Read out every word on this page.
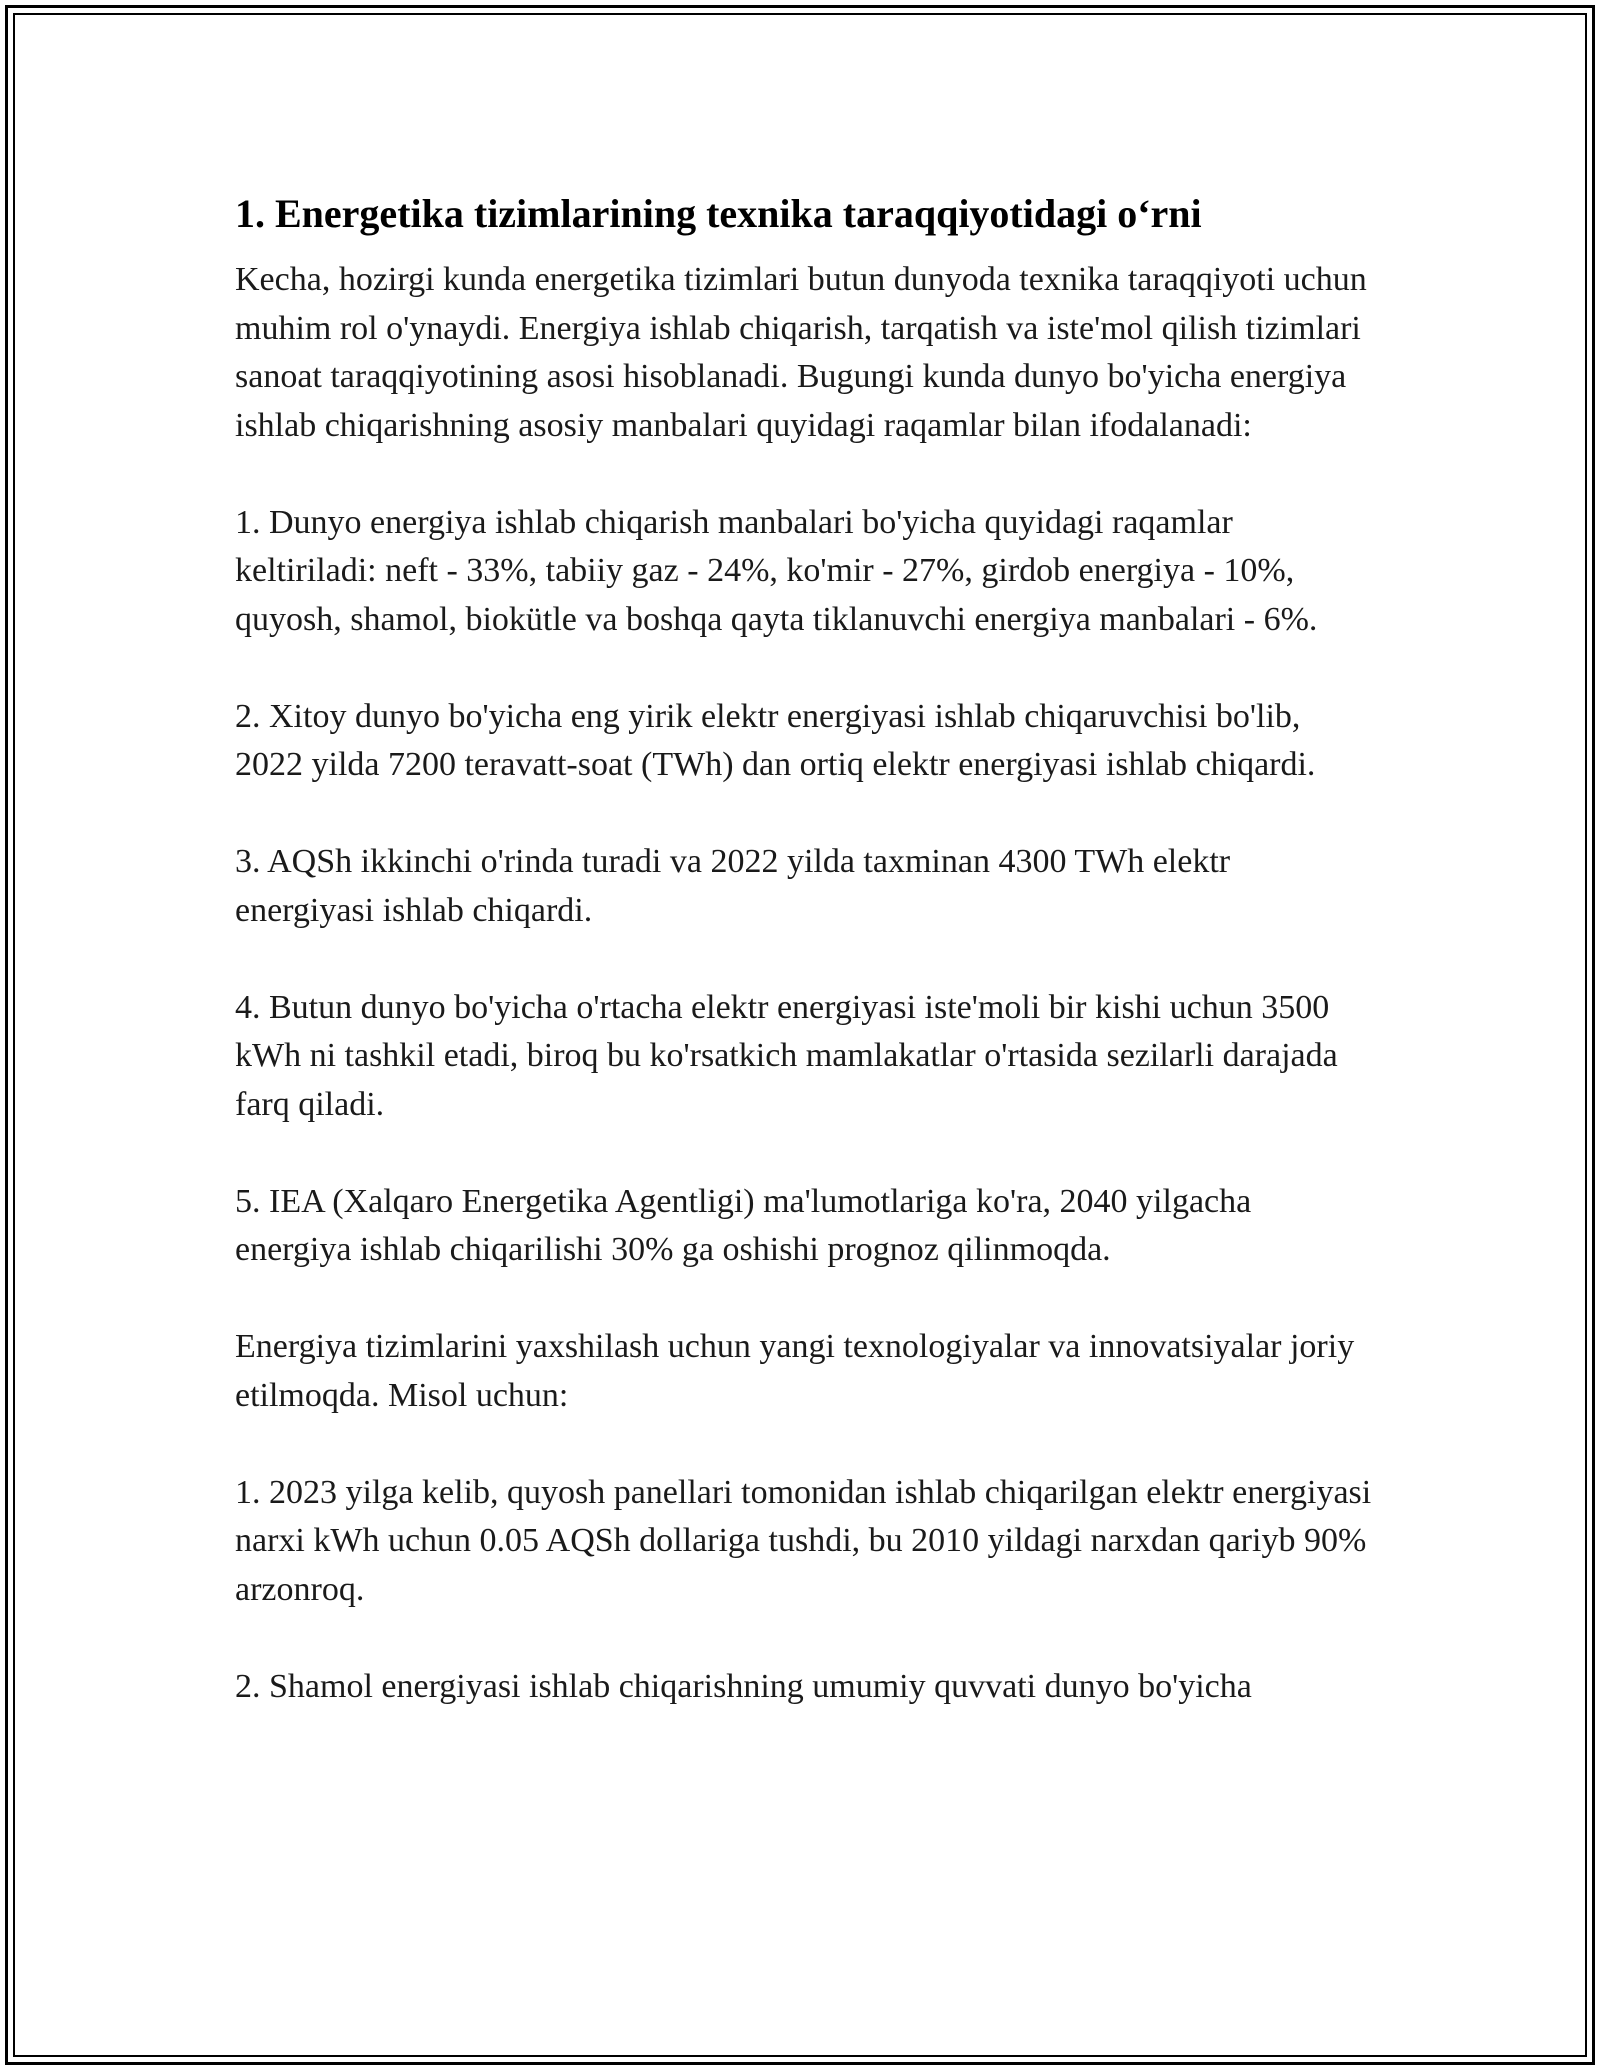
1. Energetika tizimlarining texnika taraqqiyotidagi o‘rni

Kecha, hozirgi kunda energetika tizimlari butun dunyoda texnika taraqqiyoti uchun muhim rol o'ynaydi. Energiya ishlab chiqarish, tarqatish va iste'mol qilish tizimlari sanoat taraqqiyotining asosi hisoblanadi. Bugungi kunda dunyo bo'yicha energiya ishlab chiqarishning asosiy manbalari quyidagi raqamlar bilan ifodalanadi:

1. Dunyo energiya ishlab chiqarish manbalari bo'yicha quyidagi raqamlar keltiriladi: neft - 33%, tabiiy gaz - 24%, ko'mir - 27%, girdob energiya - 10%, quyosh, shamol, biokütle va boshqa qayta tiklanuvchi energiya manbalari - 6%.

2. Xitoy dunyo bo'yicha eng yirik elektr energiyasi ishlab chiqaruvchisi bo'lib, 2022 yilda 7200 teravatt-soat (TWh) dan ortiq elektr energiyasi ishlab chiqardi.

3. AQSh ikkinchi o'rinda turadi va 2022 yilda taxminan 4300 TWh elektr energiyasi ishlab chiqardi.

4. Butun dunyo bo'yicha o'rtacha elektr energiyasi iste'moli bir kishi uchun 3500 kWh ni tashkil etadi, biroq bu ko'rsatkich mamlakatlar o'rtasida sezilarli darajada farq qiladi.

5. IEA (Xalqaro Energetika Agentligi) ma'lumotlariga ko'ra, 2040 yilgacha energiya ishlab chiqarilishi 30% ga oshishi prognoz qilinmoqda.

Energiya tizimlarini yaxshilash uchun yangi texnologiyalar va innovatsiyalar joriy etilmoqda. Misol uchun:

1. 2023 yilga kelib, quyosh panellari tomonidan ishlab chiqarilgan elektr energiyasi narxi kWh uchun 0.05 AQSh dollariga tushdi, bu 2010 yildagi narxdan qariyb 90% arzonroq.

2. Shamol energiyasi ishlab chiqarishning umumiy quvvati dunyo bo'yicha
